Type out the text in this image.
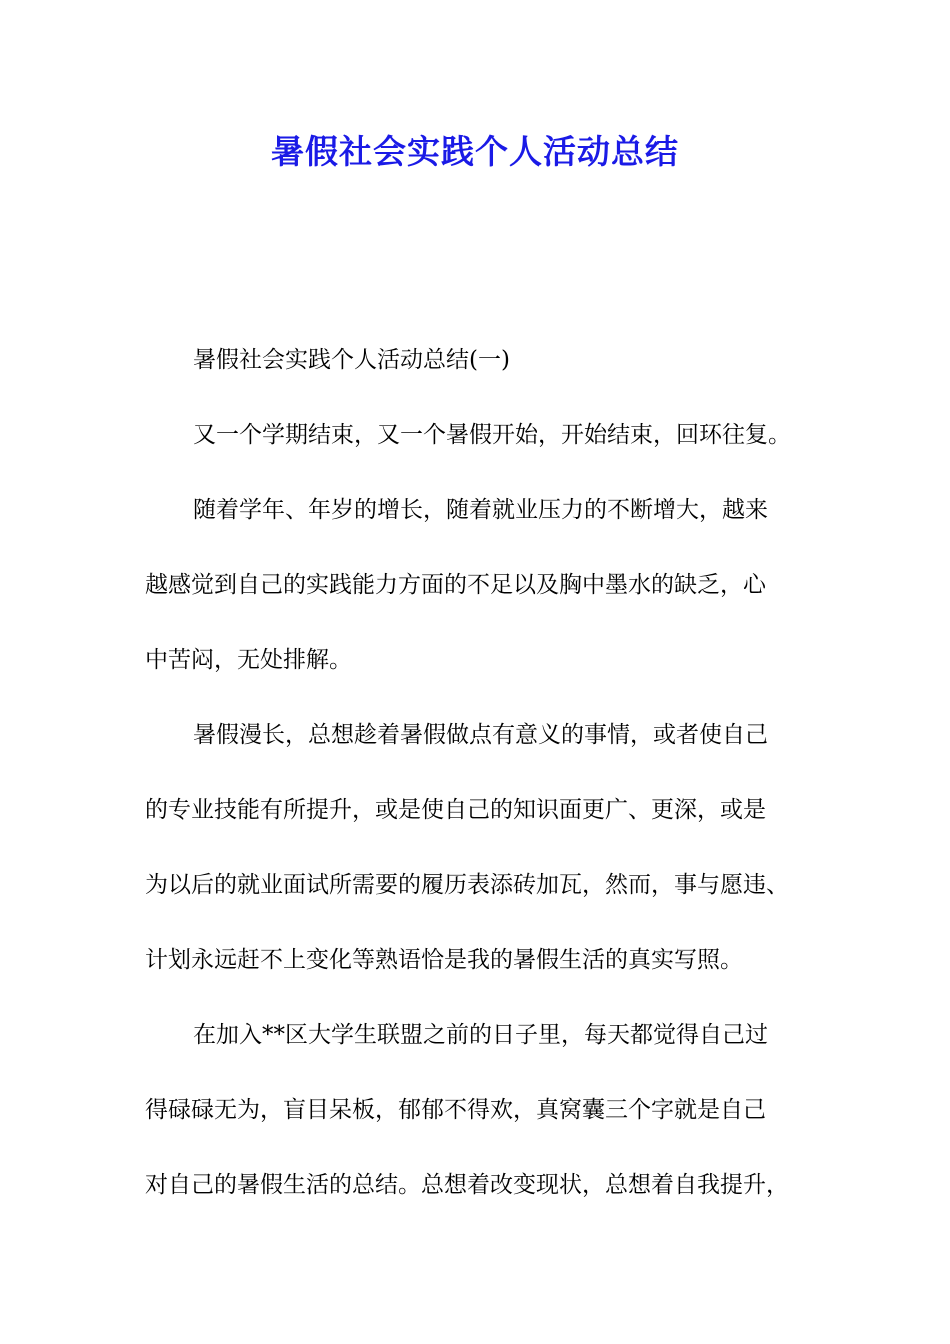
暑假社会实践个人活动总结
暑假社会实践个人活动总结(一)
又一个学期结束，又一个暑假开始，开始结束，回环往复。
随着学年、年岁的增长，随着就业压力的不断增大，越来
越感觉到自己的实践能力方面的不足以及胸中墨水的缺乏，心
中苦闷，无处排解。
暑假漫长，总想趁着暑假做点有意义的事情，或者使自己
的专业技能有所提升，或是使自己的知识面更广、更深，或是
为以后的就业面试所需要的履历表添砖加瓦，然而，事与愿违、
计划永远赶不上变化等熟语恰是我的暑假生活的真实写照。
在加入**区大学生联盟之前的日子里，每天都觉得自己过
得碌碌无为，盲目呆板，郁郁不得欢，真窝囊三个字就是自己
对自己的暑假生活的总结。总想着改变现状，总想着自我提升，
